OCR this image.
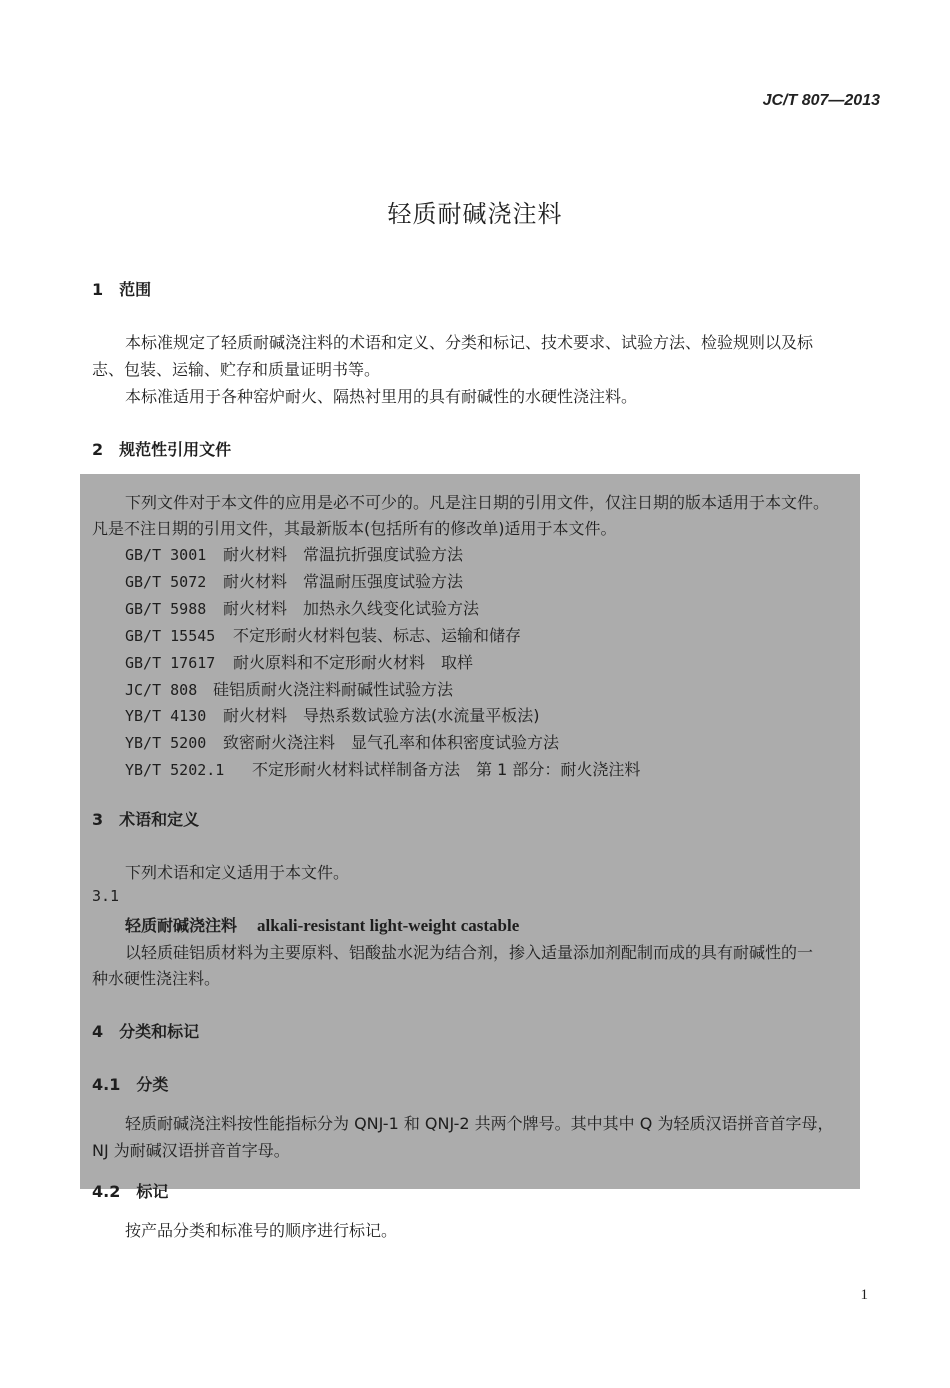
JC/T 807—2013
轻质耐碱浇注料
1　范围
本标准规定了轻质耐碱浇注料的术语和定义、分类和标记、技术要求、试验方法、检验规则以及标
志、包装、运输、贮存和质量证明书等。
本标准适用于各种窑炉耐火、隔热衬里用的具有耐碱性的水硬性浇注料。
2　规范性引用文件
下列文件对于本文件的应用是必不可少的。凡是注日期的引用文件，仅注日期的版本适用于本文件。
凡是不注日期的引用文件，其最新版本(包括所有的修改单)适用于本文件。
GB/T 3001 耐火材料　常温抗折强度试验方法
GB/T 5072 耐火材料　常温耐压强度试验方法
GB/T 5988 耐火材料　加热永久线变化试验方法
GB/T 15545 不定形耐火材料包装、标志、运输和储存
GB/T 17617 耐火原料和不定形耐火材料　取样
JC/T 808 硅铝质耐火浇注料耐碱性试验方法
YB/T 4130 耐火材料　导热系数试验方法(水流量平板法)
YB/T 5200 致密耐火浇注料　显气孔率和体积密度试验方法
YB/T 5202.1 不定形耐火材料试样制备方法　第 1 部分：耐火浇注料
3　术语和定义
下列术语和定义适用于本文件。
3.1
轻质耐碱浇注料 alkali-resistant light-weight castable
以轻质硅铝质材料为主要原料、铝酸盐水泥为结合剂，掺入适量添加剂配制而成的具有耐碱性的一
种水硬性浇注料。
4　分类和标记
4.1　分类
轻质耐碱浇注料按性能指标分为 QNJ-1 和 QNJ-2 共两个牌号。其中其中 Q 为轻质汉语拼音首字母，
NJ 为耐碱汉语拼音首字母。
4.2　标记
按产品分类和标准号的顺序进行标记。
1
